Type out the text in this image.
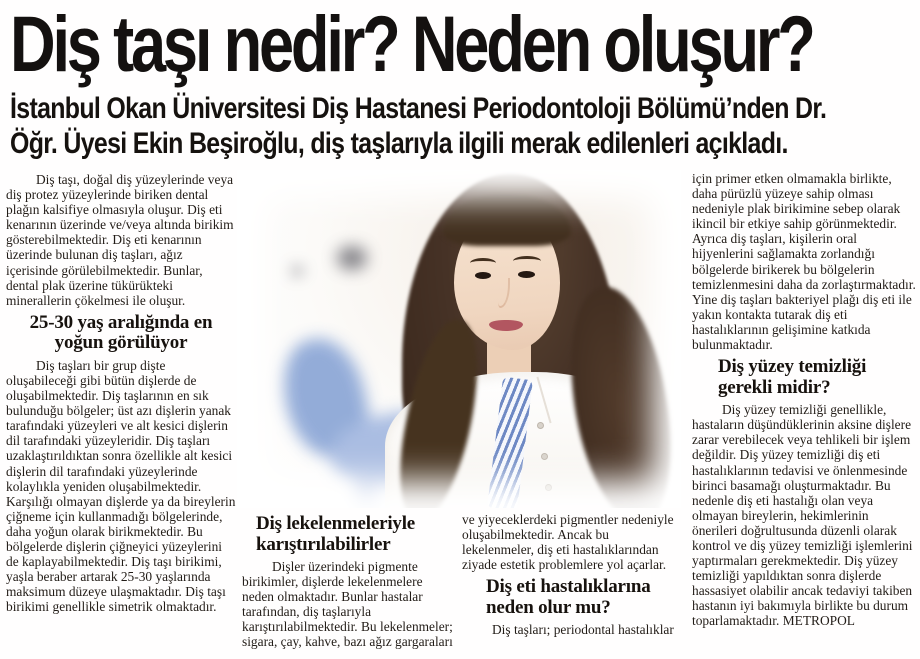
Diş taşı nedir? Neden oluşur?
İstanbul Okan Üniversitesi Diş Hastanesi Periodontoloji Bölümü’nden Dr.
Öğr. Üyesi Ekin Beşiroğlu, diş taşlarıyla ilgili merak edilenleri açıkladı.

Diş taşı, doğal diş yüzeylerinde veya diş protez yüzeylerinde biriken dental plağın kalsifiye olmasıyla oluşur. Diş eti kenarının üzerinde ve/veya altında birikim gösterebilmektedir. Diş eti kenarının üzerinde bulunan diş taşları, ağız içerisinde görülebilmektedir. Bunlar, dental plak üzerine tükürükteki minerallerin çökelmesi ile oluşur.

25-30 yaş aralığında en yoğun görülüyor

Diş taşları bir grup dişte oluşabileceği gibi bütün dişlerde de oluşabilmektedir. Diş taşlarının en sık bulunduğu bölgeler; üst azı dişlerin yanak tarafındaki yüzeyleri ve alt kesici dişlerin dil tarafındaki yüzeyleridir. Diş taşları uzaklaştırıldıktan sonra özellikle alt kesici dişlerin dil tarafındaki yüzeylerinde kolaylıkla yeniden oluşabilmektedir. Karşılığı olmayan dişlerde ya da bireylerin çiğneme için kullanmadığı bölgelerinde, daha yoğun olarak birikmektedir. Bu bölgelerde dişlerin çiğneyici yüzeylerini de kaplayabilmektedir. Diş taşı birikimi, yaşla beraber artarak 25-30 yaşlarında maksimum düzeye ulaşmaktadır. Diş taşı birikimi genellikle simetrik olmaktadır.

Diş lekelenmeleriyle karıştırılabilirler

Dişler üzerindeki pigmente birikimler, dişlerde lekelenmelere neden olmaktadır. Bunlar hastalar tarafından, diş taşlarıyla karıştırılabilmektedir. Bu lekelenmeler; sigara, çay, kahve, bazı ağız gargaraları

ve yiyeceklerdeki pigmentler nedeniyle oluşabilmektedir. Ancak bu lekelenmeler, diş eti hastalıklarından ziyade estetik problemlere yol açarlar.

Diş eti hastalıklarına neden olur mu?

Diş taşları; periodontal hastalıklar

için primer etken olmamakla birlikte, daha pürüzlü yüzeye sahip olması nedeniyle plak birikimine sebep olarak ikincil bir etkiye sahip görünmektedir. Ayrıca diş taşları, kişilerin oral hijyenlerini sağlamakta zorlandığı bölgelerde birikerek bu bölgelerin temizlenmesini daha da zorlaştırmaktadır. Yine diş taşları bakteriyel plağı diş eti ile yakın kontakta tutarak diş eti hastalıklarının gelişimine katkıda bulunmaktadır.

Diş yüzey temizliği gerekli midir?

Diş yüzey temizliği genellikle, hastaların düşündüklerinin aksine dişlere zarar verebilecek veya tehlikeli bir işlem değildir. Diş yüzey temizliği diş eti hastalıklarının tedavisi ve önlenmesinde birinci basamağı oluşturmaktadır. Bu nedenle diş eti hastalığı olan veya olmayan bireylerin, hekimlerinin önerileri doğrultusunda düzenli olarak kontrol ve diş yüzey temizliği işlemlerini yaptırmaları gerekmektedir. Diş yüzey temizliği yapıldıktan sonra dişlerde hassasiyet olabilir ancak tedaviyi takiben hastanın iyi bakımıyla birlikte bu durum toparlamaktadır. METROPOL
